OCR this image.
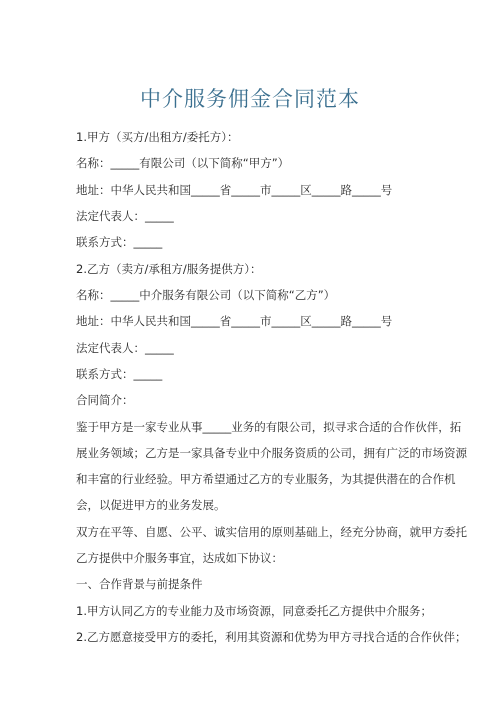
中介服务佣金合同范本
1.甲方（买方/出租方/委托方）：
名称：_____有限公司（以下简称“甲方”）
地址：中华人民共和国_____省_____市_____区_____路_____号
法定代表人：_____
联系方式：_____
2.乙方（卖方/承租方/服务提供方）：
名称：_____中介服务有限公司（以下简称“乙方”）
地址：中华人民共和国_____省_____市_____区_____路_____号
法定代表人：_____
联系方式：_____
合同简介：
鉴于甲方是一家专业从事_____业务的有限公司，拟寻求合适的合作伙伴，拓
展业务领域；乙方是一家具备专业中介服务资质的公司，拥有广泛的市场资源
和丰富的行业经验。甲方希望通过乙方的专业服务，为其提供潜在的合作机
会，以促进甲方的业务发展。
双方在平等、自愿、公平、诚实信用的原则基础上，经充分协商，就甲方委托
乙方提供中介服务事宜，达成如下协议：
一、合作背景与前提条件
1.甲方认同乙方的专业能力及市场资源，同意委托乙方提供中介服务；
2.乙方愿意接受甲方的委托，利用其资源和优势为甲方寻找合适的合作伙伴；
